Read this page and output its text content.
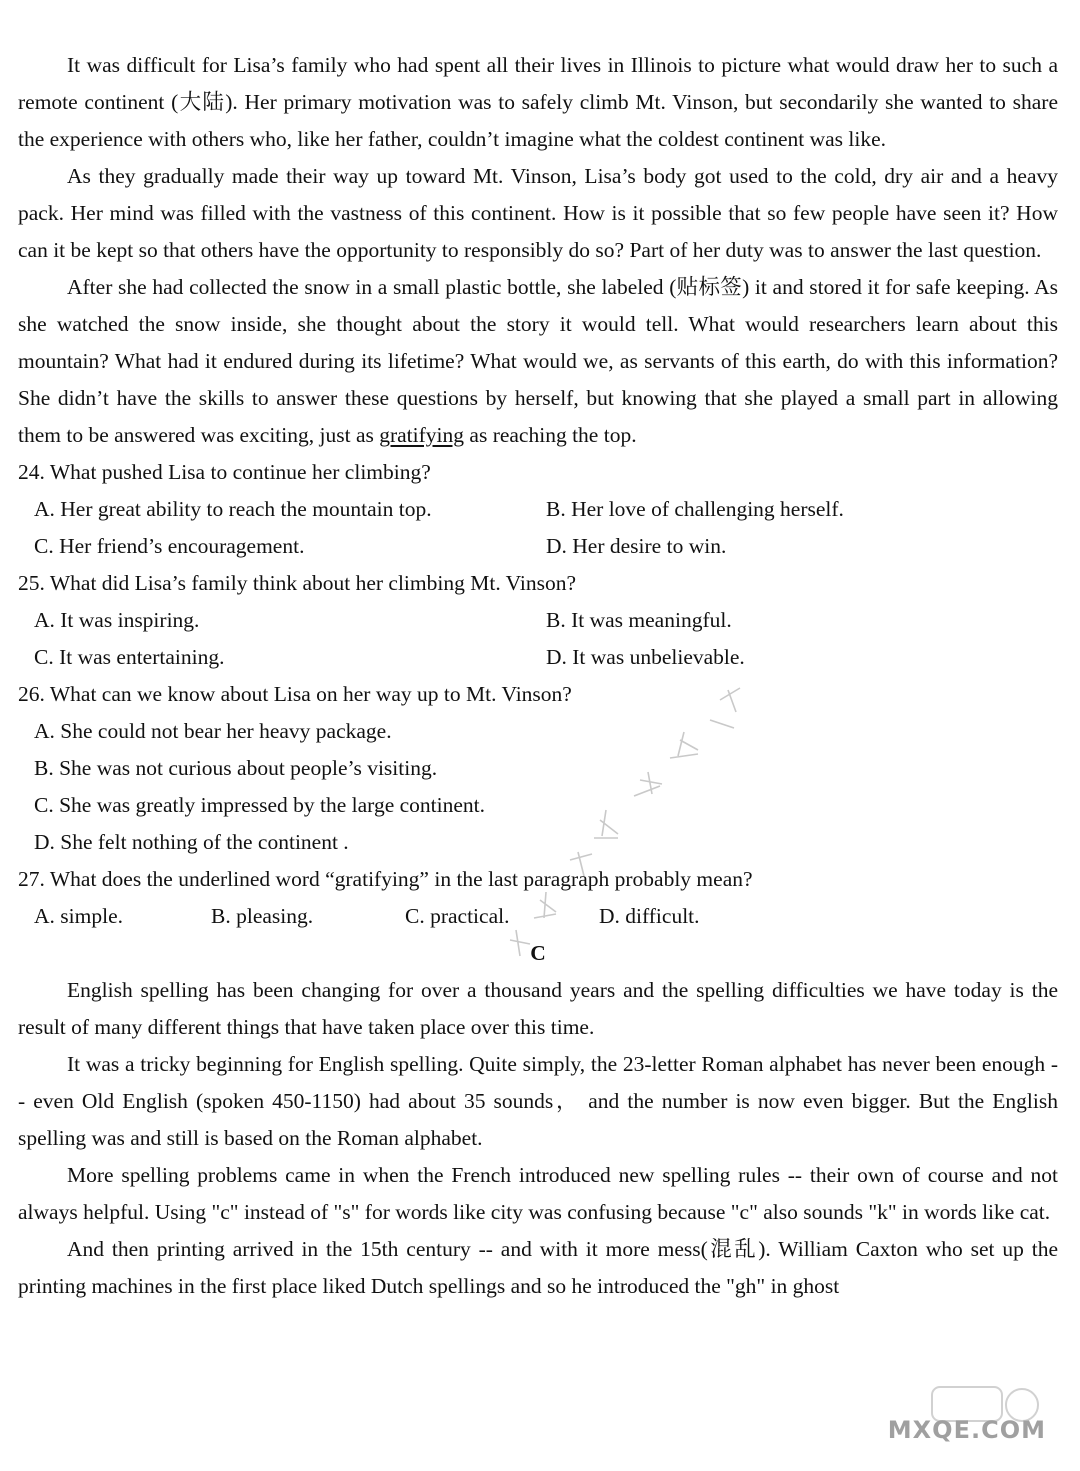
It was difficult for Lisa’s family who had spent all their lives in Illinois to picture what would draw her to such a remote continent (大陆). Her primary motivation was to safely climb Mt. Vinson, but secondarily she wanted to share the experience with others who, like her father, couldn’t imagine what the coldest continent was like.

As they gradually made their way up toward Mt. Vinson, Lisa’s body got used to the cold, dry air and a heavy pack. Her mind was filled with the vastness of this continent. How is it possible that so few people have seen it? How can it be kept so that others have the opportunity to responsibly do so? Part of her duty was to answer the last question.

After she had collected the snow in a small plastic bottle, she labeled (贴标签) it and stored it for safe keeping. As she watched the snow inside, she thought about the story it would tell. What would researchers learn about this mountain? What had it endured during its lifetime? What would we, as servants of this earth, do with this information? She didn’t have the skills to answer these questions by herself, but knowing that she played a small part in allowing them to be answered was exciting, just as gratifying as reaching the top.

24. What pushed Lisa to continue her climbing?

A. Her great ability to reach the mountain top.	B. Her love of challenging herself.
C. Her friend’s encouragement.	D. Her desire to win.

25. What did Lisa’s family think about her climbing Mt. Vinson?

A. It was inspiring.	B. It was meaningful.
C. It was entertaining.	D. It was unbelievable.

26. What can we know about Lisa on her way up to Mt. Vinson?

A. She could not bear her heavy package.

B. She was not curious about people’s visiting.

C. She was greatly impressed by the large continent.

D. She felt nothing of the continent .

27. What does the underlined word “gratifying” in the last paragraph probably mean?

A. simple.	B. pleasing.	C. practical.	D. difficult.

C

English spelling has been changing for over a thousand years and the spelling difficulties we have today is the result of many different things that have taken place over this time.

It was a tricky beginning for English spelling. Quite simply, the 23-letter Roman alphabet has never been enough -- even Old English (spoken 450-1150) had about 35 sounds， and the number is now even bigger. But the English spelling was and still is based on the Roman alphabet.

More spelling problems came in when the French introduced new spelling rules -- their own of course and not always helpful. Using "c" instead of "s" for words like city was confusing because "c" also sounds "k" in words like cat.

And then printing arrived in the 15th century -- and with it more mess(混乱). William Caxton who set up the printing machines in the first place liked Dutch spellings and so he introduced the "gh" in ghost

MXQE.COM
